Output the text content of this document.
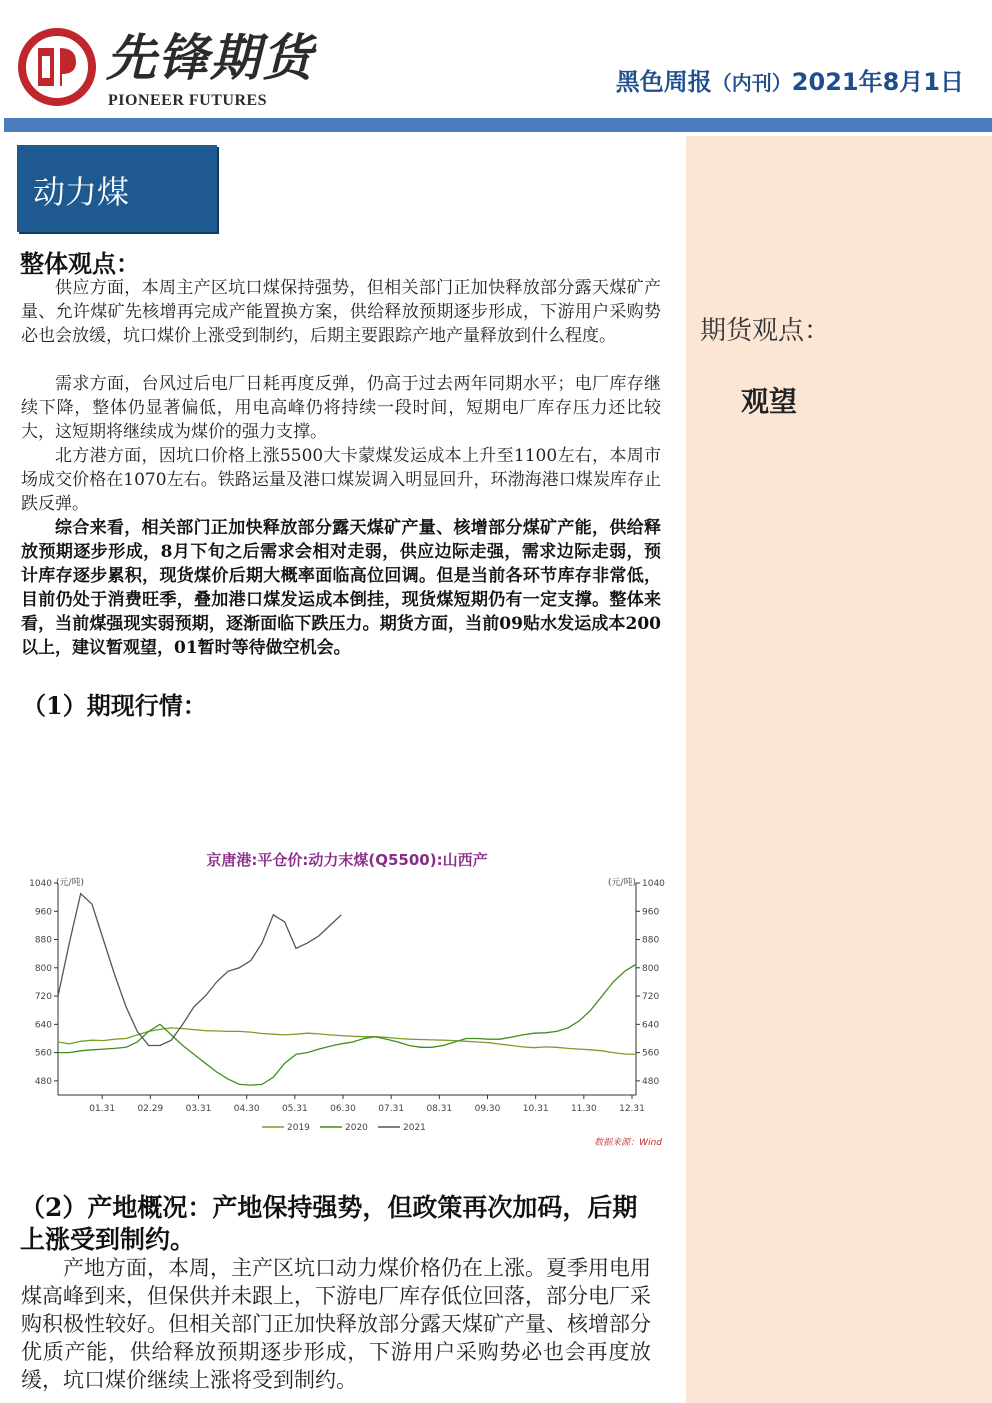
先锋期货
PIONEER FUTURES
黑色周报（内刊）2021年8月1日
期货观点：
观望
动力煤
整体观点：

供应方面，本周主产区坑口煤保持强势，但相关部门正加快释放部分露天煤矿产量、允许煤矿先核增再完成产能置换方案，供给释放预期逐步形成，下游用户采购势必也会放缓，坑口煤价上涨受到制约，后期主要跟踪产地产量释放到什么程度。

需求方面，台风过后电厂日耗再度反弹，仍高于过去两年同期水平；电厂库存继续下降，整体仍显著偏低，用电高峰仍将持续一段时间，短期电厂库存压力还比较大，这短期将继续成为煤价的强力支撑。

北方港方面，因坑口价格上涨5500大卡蒙煤发运成本上升至1100左右，本周市场成交价格在1070左右。铁路运量及港口煤炭调入明显回升，环渤海港口煤炭库存止跌反弹。

综合来看，相关部门正加快释放部分露天煤矿产量、核增部分煤矿产能，供给释放预期逐步形成，8月下旬之后需求会相对走弱，供应边际走强，需求边际走弱，预计库存逐步累积，现货煤价后期大概率面临高位回调。但是当前各环节库存非常低，目前仍处于消费旺季，叠加港口煤发运成本倒挂，现货煤短期仍有一定支撑。整体来看，当前煤强现实弱预期，逐渐面临下跌压力。期货方面，当前09贴水发运成本200以上，建议暂观望，01暂时等待做空机会。

（1）期现行情：
京唐港:平仓价:动力末煤(Q5500):山西产
(元/吨)	(元/吨)
数据来源：Wind
480	480
560	560
640	640
720	720
800	800
880	880
960	960
1040	1040
01.31 02.29 03.31 04.30 05.31 06.30 07.31 08.31 09.30 10.31 11.30 12.31
2019	2020	2021
（2）产地概况：产地保持强势，但政策再次加码，后期上涨受到制约。

产地方面，本周，主产区坑口动力煤价格仍在上涨。夏季用电用煤高峰到来，但保供并未跟上，下游电厂库存低位回落，部分电厂采购积极性较好。但相关部门正加快释放部分露天煤矿产量、核增部分优质产能，供给释放预期逐步形成，下游用户采购势必也会再度放缓，坑口煤价继续上涨将受到制约。
